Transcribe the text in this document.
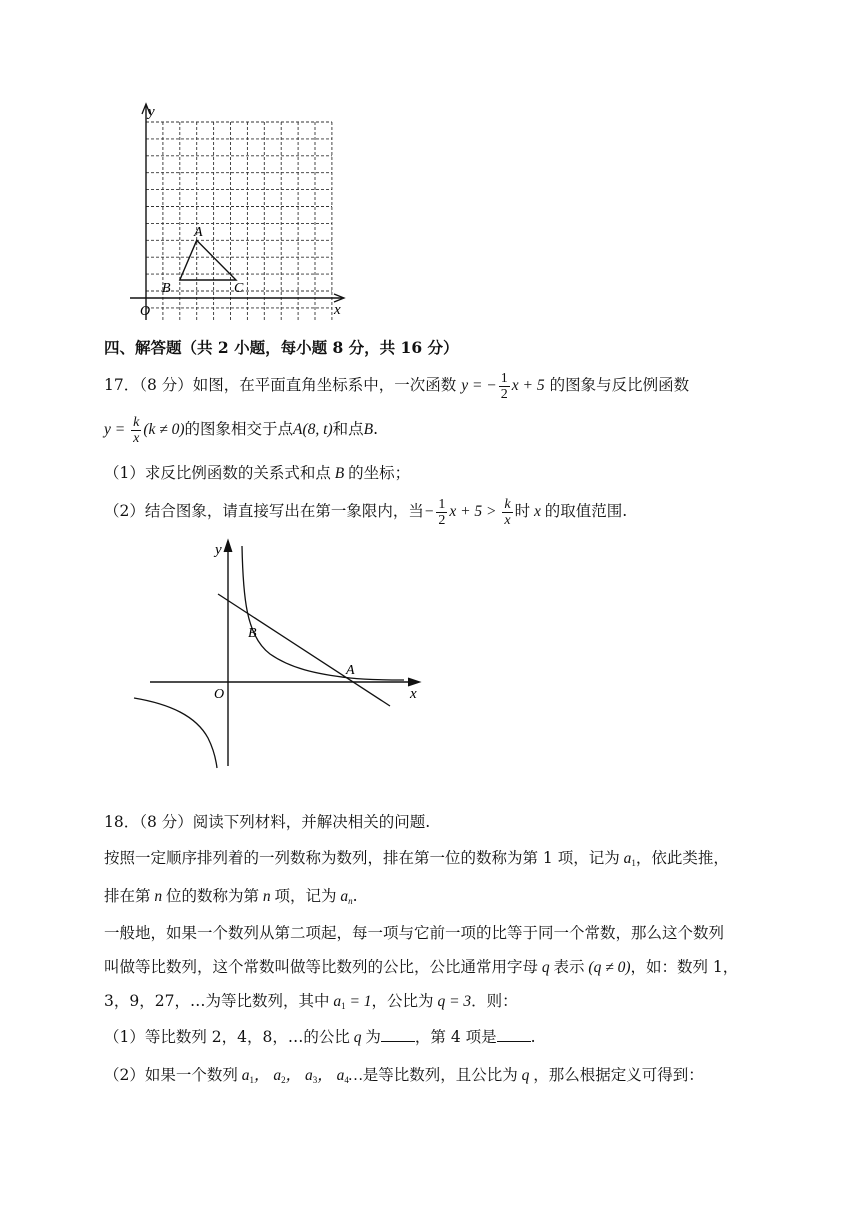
y
x
O
A
B	C
四、解答题（共 2 小题，每小题 8 分，共 16 分）
17．（8 分）如图，在平面直角坐标系中，一次函数 y = − $\frac{1}{2}$ x + 5 的图象与反比例函数
$y = \frac{k}{x} (k \ne 0)$的图象相交于点A(8, t)和点B.
（1）求反比例函数的关系式和点 B 的坐标；
（2）结合图象，请直接写出在第一象限内，当− $\frac{1}{2}$ $x + 5 > \frac{k}{x}$ 时 x 的取值范围.
y
x
O
B
A
18．（8 分）阅读下列材料，并解决相关的问题.
按照一定顺序排列着的一列数称为数列，排在第一位的数称为第 1 项，记为 $a_1$，依此类推，
排在第 n 位的数称为第 n 项，记为 $a_n$.
一般地，如果一个数列从第二项起，每一项与它前一项的比等于同一个常数，那么这个数列
叫做等比数列，这个常数叫做等比数列的公比，公比通常用字母 q 表示 (q ≠ 0)，如：数列 1，
3，9，27，…为等比数列，其中 $a_1 = 1$，公比为 q = 3．则：
（1）等比数列 2，4，8，…的公比 q 为 ，第 4 项是 .
（2）如果一个数列 $a_1$， $a_2$， $a_3$， $a_4\dots$是等比数列，且公比为 q ，那么根据定义可得到：
